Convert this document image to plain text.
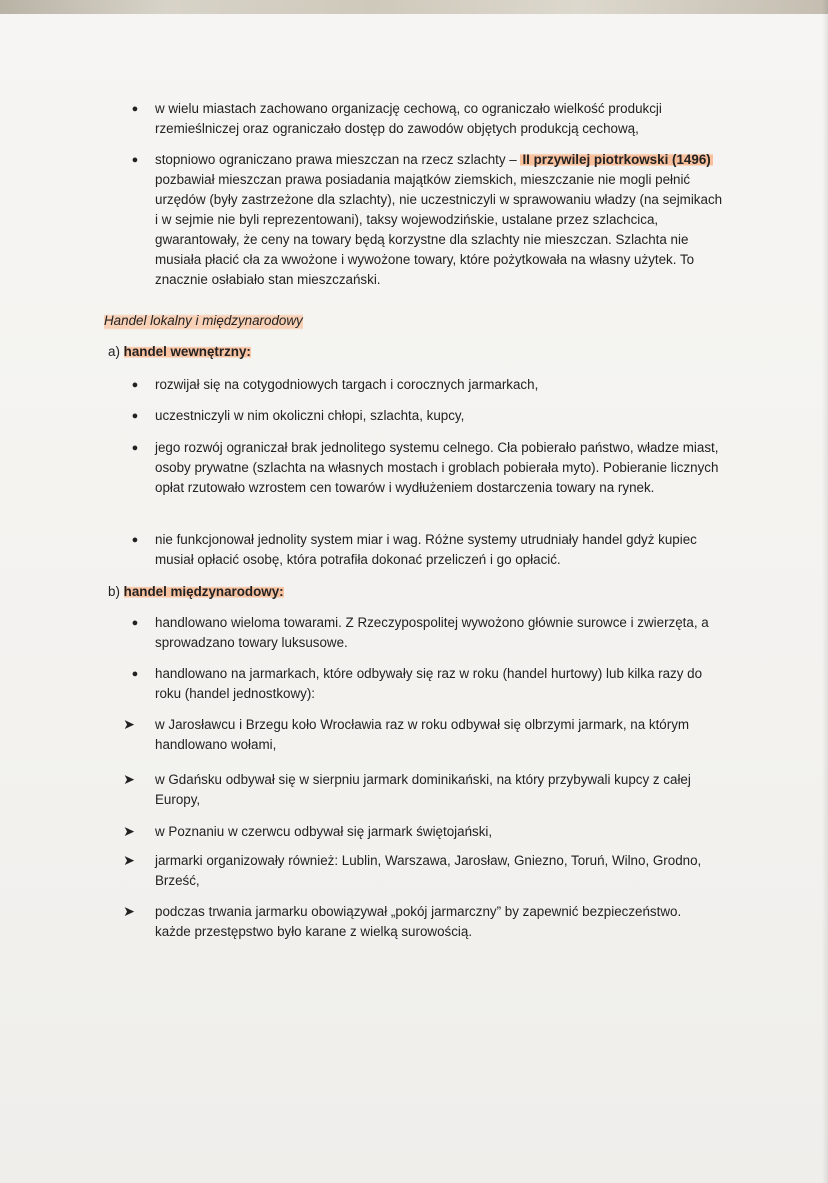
●	w wielu miastach zachowano organizację cechową, co ograniczało wielkość produkcji rzemieślniczej oraz ograniczało dostęp do zawodów objętych produkcją cechową,
●	stopniowo ograniczano prawa mieszczan na rzecz szlachty – II przywilej piotrkowski (1496) pozbawiał mieszczan prawa posiadania majątków ziemskich, mieszczanie nie mogli pełnić urzędów (były zastrzeżone dla szlachty), nie uczestniczyli w sprawowaniu władzy (na sejmikach i w sejmie nie byli reprezentowani), taksy wojewodzińskie, ustalane przez szlachcica, gwarantowały, że ceny na towary będą korzystne dla szlachty nie mieszczan. Szlachta nie musiała płacić cła za wwożone i wywożone towary, które pożytkowała na własny użytek. To znacznie osłabiało stan mieszczański.
Handel lokalny i międzynarodowy
a) handel wewnętrzny:
●	rozwijał się na cotygodniowych targach i corocznych jarmarkach,
●	uczestniczyli w nim okoliczni chłopi, szlachta, kupcy,
●	jego rozwój ograniczał brak jednolitego systemu celnego. Cła pobierało państwo, władze miast, osoby prywatne (szlachta na własnych mostach i groblach pobierała myto). Pobieranie licznych opłat rzutowało wzrostem cen towarów i wydłużeniem dostarczenia towary na rynek.
●	nie funkcjonował jednolity system miar i wag. Różne systemy utrudniały handel gdyż kupiec musiał opłacić osobę, która potrafiła dokonać przeliczeń i go opłacić.
b) handel międzynarodowy:
●	handlowano wieloma towarami. Z Rzeczypospolitej wywożono głównie surowce i zwierzęta, a sprowadzano towary luksusowe.
●	handlowano na jarmarkach, które odbywały się raz w roku (handel hurtowy) lub kilka razy do roku (handel jednostkowy):
➤	w Jarosławcu i Brzegu koło Wrocławia raz w roku odbywał się olbrzymi jarmark, na którym handlowano wołami,
➤	w Gdańsku odbywał się w sierpniu jarmark dominikański, na który przybywali kupcy z całej Europy,
➤	w Poznaniu w czerwcu odbywał się jarmark świętojański,
➤	jarmarki organizowały również: Lublin, Warszawa, Jarosław, Gniezno, Toruń, Wilno, Grodno, Brześć,
➤	podczas trwania jarmarku obowiązywał „pokój jarmarczny” by zapewnić bezpieczeństwo. każde przestępstwo było karane z wielką surowością.
